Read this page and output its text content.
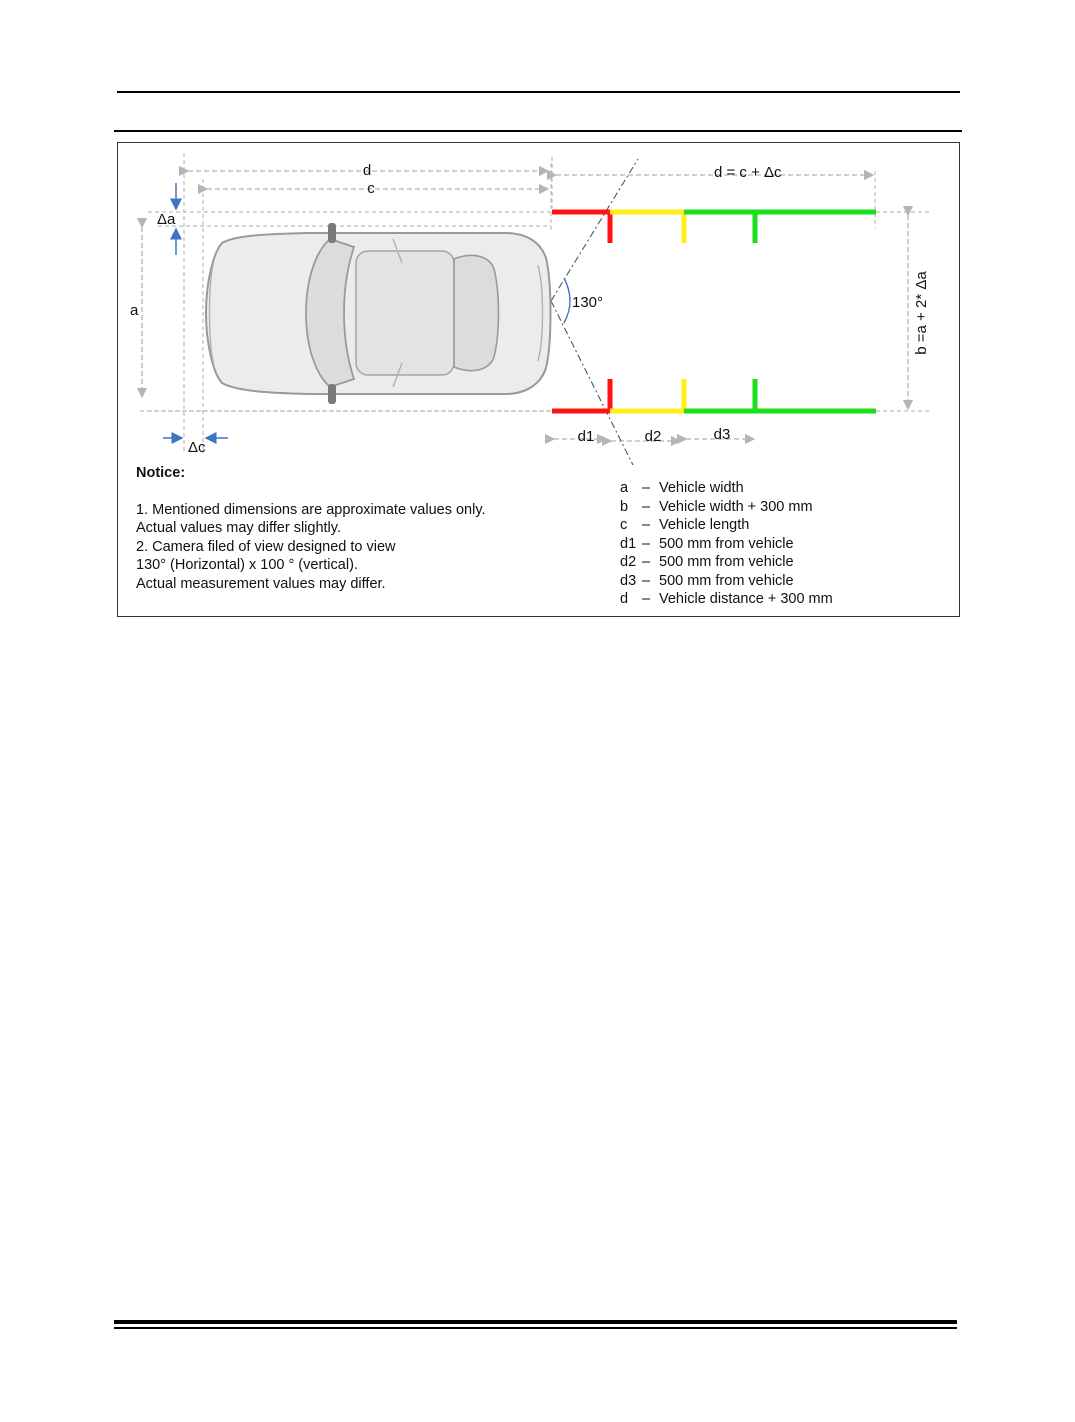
d
c
d = c + Δc
Δa
a
Δc
130°	b =a + 2* Δa
d1	d2	d3
Notice:
1. Mentioned dimensions are approximate values only.
Actual values may differ slightly.
2. Camera filed of view designed to view
130° (Horizontal) x 100 ° (vertical).
Actual measurement values may differ.
a – Vehicle width
b – Vehicle width + 300 mm
c	– Vehicle length
d1 – 500 mm from vehicle
d2 – 500 mm from vehicle
d3 – 500 mm from vehicle
d – Vehicle distance + 300 mm
